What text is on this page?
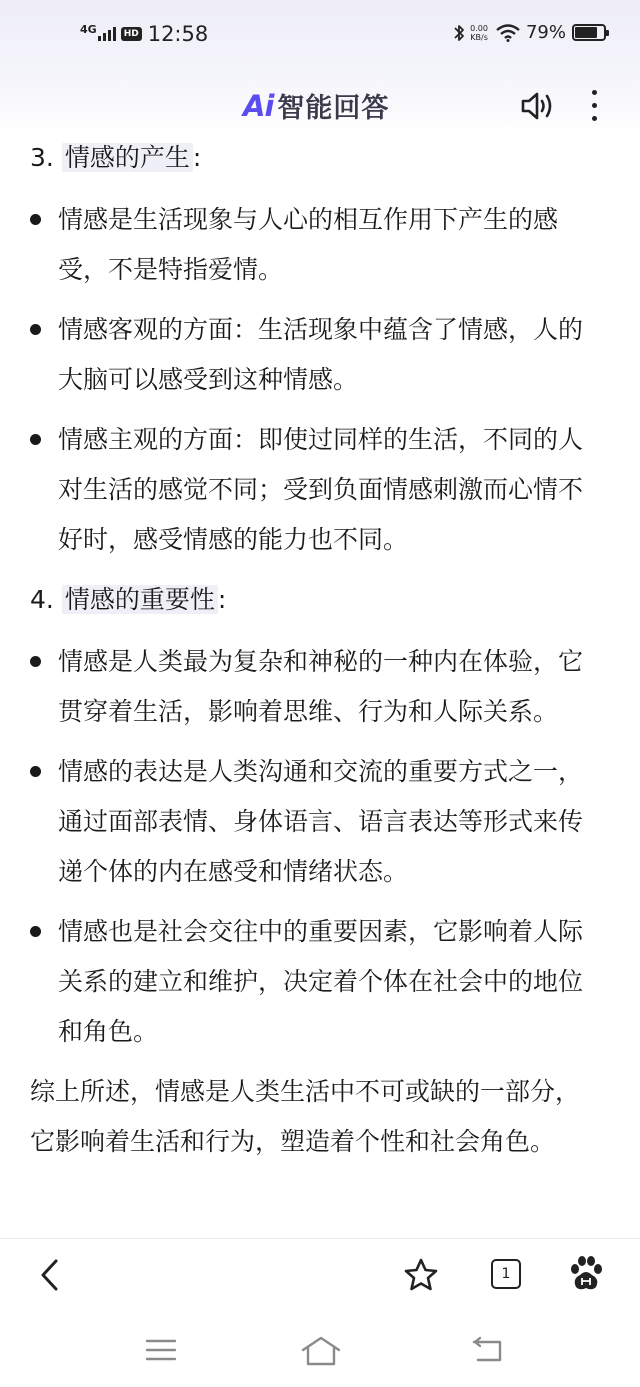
4G	HD 12:58	0.00
KB/s 79%
Ai 智能回答
3. 情感的产生 :
情感是生活现象与人心的相互作用下产生的感受，不是特指爱情。
情感客观的方面：生活现象中蕴含了情感，人的大脑可以感受到这种情感。
情感主观的方面：即使过同样的生活，不同的人对生活的感觉不同；受到负面情感刺激而心情不好时，感受情感的能力也不同。
4. 情感的重要性 :
情感是人类最为复杂和神秘的一种内在体验，它贯穿着生活，影响着思维、行为和人际关系。
情感的表达是人类沟通和交流的重要方式之一，通过面部表情、身体语言、语言表达等形式来传递个体的内在感受和情绪状态。
情感也是社会交往中的重要因素，它影响着人际关系的建立和维护，决定着个体在社会中的地位和角色。
综上所述，情感是人类生活中不可或缺的一部分，它影响着生活和行为，塑造着个性和社会角色。
1
